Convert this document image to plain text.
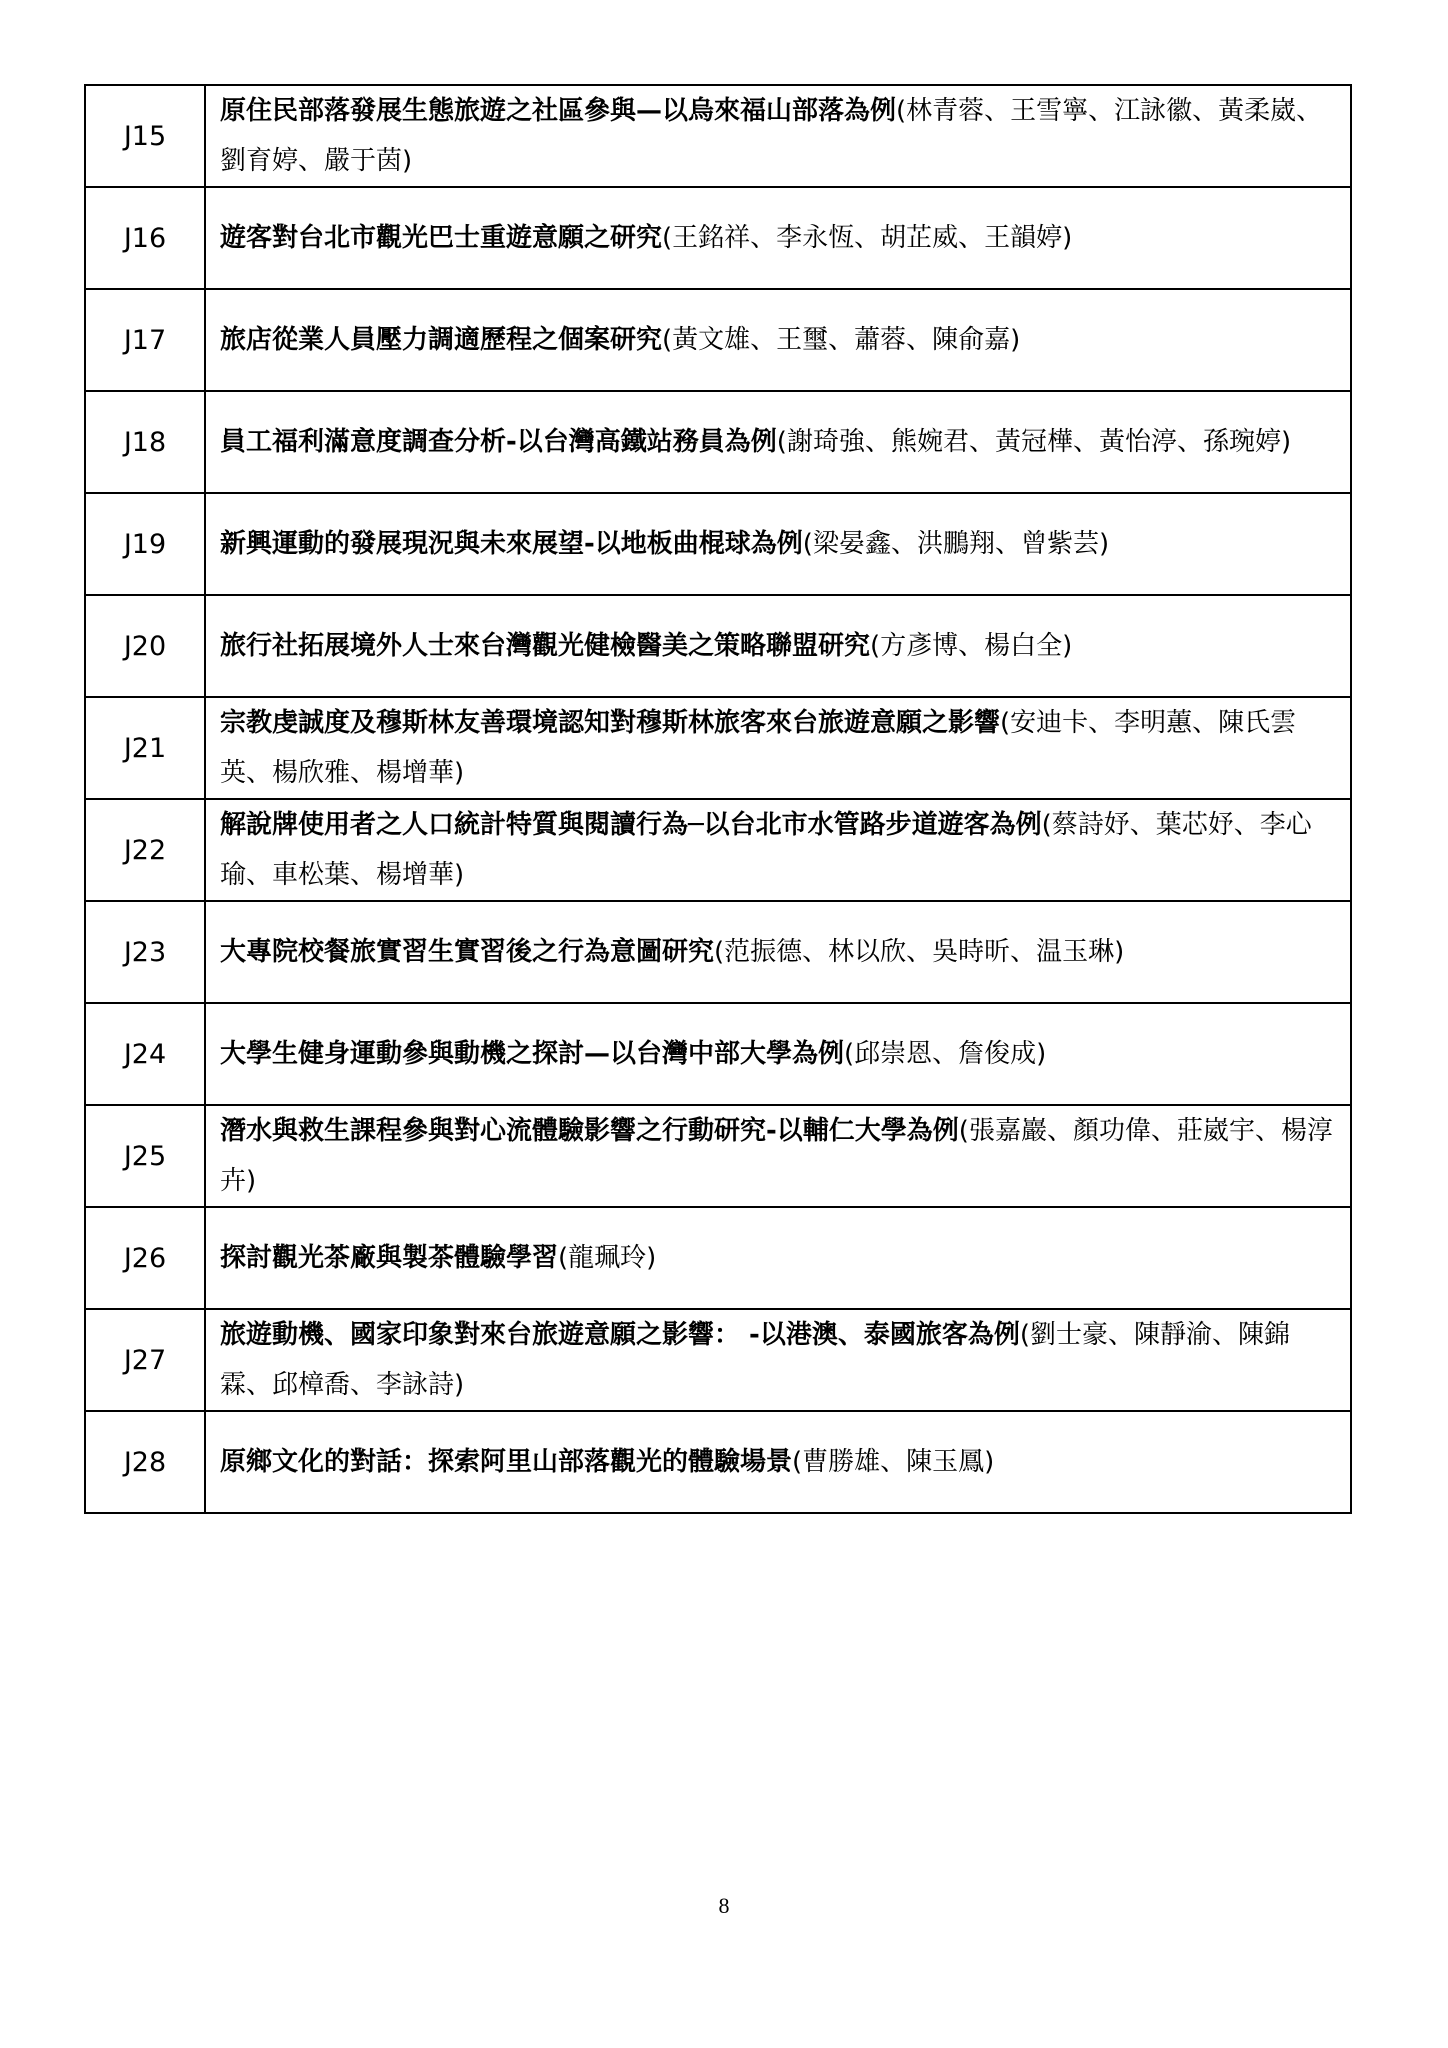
J15	原住民部落發展生態旅遊之社區參與—以烏來福山部落為例(林青蓉、王雪寧、江詠徽、黃柔崴、劉育婷、嚴于茵)
J16	遊客對台北市觀光巴士重遊意願之研究(王銘祥、李永恆、胡芷威、王韻婷)
J17	旅店從業人員壓力調適歷程之個案研究(黃文雄、王璽、蕭蓉、陳俞嘉)
J18	員工福利滿意度調查分析-以台灣高鐵站務員為例(謝琦強、熊婉君、黃冠樺、黃怡渟、孫琬婷)
J19	新興運動的發展現況與未來展望-以地板曲棍球為例(梁晏鑫、洪鵬翔、曾紫芸)
J20	旅行社拓展境外人士來台灣觀光健檢醫美之策略聯盟研究(方彥博、楊白全)
J21	宗教虔誠度及穆斯林友善環境認知對穆斯林旅客來台旅遊意願之影響(安迪卡、李明蕙、陳氏雲英、楊欣雅、楊增華)
J22	解說牌使用者之人口統計特質與閱讀行為─以台北市水管路步道遊客為例(蔡詩妤、葉芯妤、李心瑜、車松葉、楊增華)
J23	大專院校餐旅實習生實習後之行為意圖研究(范振德、林以欣、吳時昕、温玉琳)
J24	大學生健身運動參與動機之探討—以台灣中部大學為例(邱崇恩、詹俊成)
J25	潛水與救生課程參與對心流體驗影響之行動研究-以輔仁大學為例(張嘉巖、顏功偉、莊崴宇、楊淳卉)
J26	探討觀光茶廠與製茶體驗學習(龍珮玲)
J27	旅遊動機、國家印象對來台旅遊意願之影響： -以港澳、泰國旅客為例(劉士豪、陳靜渝、陳錦霖、邱樟喬、李詠詩)
J28	原鄉文化的對話：探索阿里山部落觀光的體驗場景(曹勝雄、陳玉鳳)
8
